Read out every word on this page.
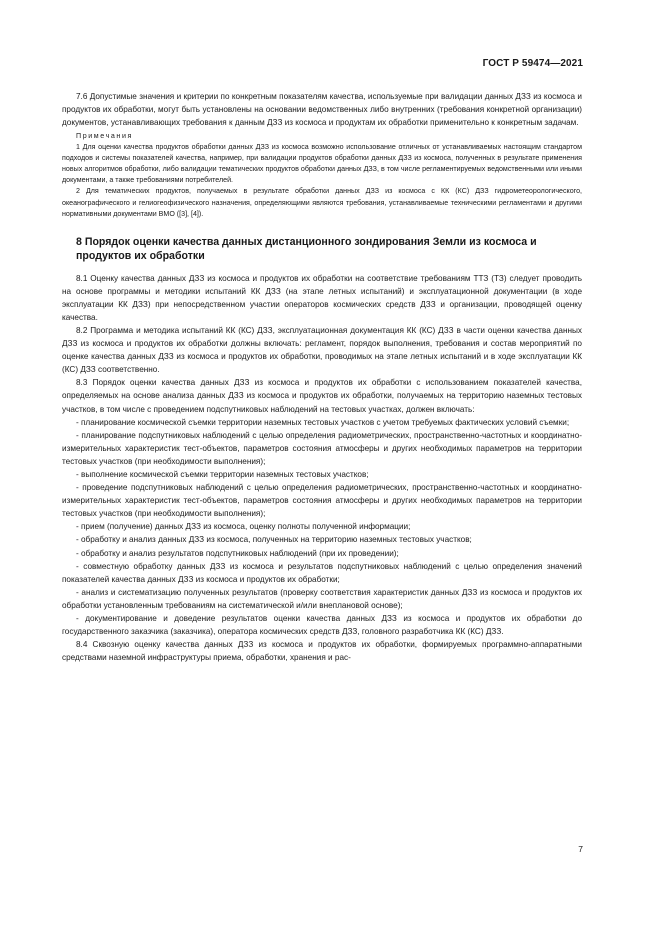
ГОСТ Р 59474—2021

7.6 Допустимые значения и критерии по конкретным показателям качества, используемые при валидации данных ДЗЗ из космоса и продуктов их обработки, могут быть установлены на основании ведомственных либо внутренних (требования конкретной организации) документов, устанавливающих требования к данным ДЗЗ из космоса и продуктам их обработки применительно к конкретным задачам.

Примечания

1 Для оценки качества продуктов обработки данных ДЗЗ из космоса возможно использование отличных от устанавливаемых настоящим стандартом подходов и системы показателей качества, например, при валидации продуктов обработки данных ДЗЗ из космоса, полученных в результате применения новых алгоритмов обработки, либо валидации тематических продуктов обработки данных ДЗЗ, в том числе регламентируемых ведомственными или иными документами, а также требованиями потребителей.

2 Для тематических продуктов, получаемых в результате обработки данных ДЗЗ из космоса с КК (КС) ДЗЗ гидрометеорологического, океанографического и гелиогеофизического назначения, определяющими являются требования, устанавливаемые техническими регламентами и другими нормативными документами ВМО ([3], [4]).

8 Порядок оценки качества данных дистанционного зондирования Земли из космоса и продуктов их обработки

8.1 Оценку качества данных ДЗЗ из космоса и продуктов их обработки на соответствие требованиям ТТЗ (ТЗ) следует проводить на основе программы и методики испытаний КК ДЗЗ (на этапе летных испытаний) и эксплуатационной документации (в ходе эксплуатации КК ДЗЗ) при непосредственном участии операторов космических средств ДЗЗ и организации, проводящей оценку качества.

8.2 Программа и методика испытаний КК (КС) ДЗЗ, эксплуатационная документация КК (КС) ДЗЗ в части оценки качества данных ДЗЗ из космоса и продуктов их обработки должны включать: регламент, порядок выполнения, требования и состав мероприятий по оценке качества данных ДЗЗ из космоса и продуктов их обработки, проводимых на этапе летных испытаний и в ходе эксплуатации КК (КС) ДЗЗ соответственно.

8.3 Порядок оценки качества данных ДЗЗ из космоса и продуктов их обработки с использованием показателей качества, определяемых на основе анализа данных ДЗЗ из космоса и продуктов их обработки, получаемых на территорию наземных тестовых участков, в том числе с проведением подспутниковых наблюдений на тестовых участках, должен включать:

- планирование космической съемки территории наземных тестовых участков с учетом требуемых фактических условий съемки;

- планирование подспутниковых наблюдений с целью определения радиометрических, пространственно-частотных и координатно-измерительных характеристик тест-объектов, параметров состояния атмосферы и других необходимых параметров на территории тестовых участков (при необходимости выполнения);

- выполнение космической съемки территории наземных тестовых участков;

- проведение подспутниковых наблюдений с целью определения радиометрических, пространственно-частотных и координатно-измерительных характеристик тест-объектов, параметров состояния атмосферы и других необходимых параметров на территории тестовых участков (при необходимости выполнения);

- прием (получение) данных ДЗЗ из космоса, оценку полноты полученной информации;

- обработку и анализ данных ДЗЗ из космоса, полученных на территорию наземных тестовых участков;

- обработку и анализ результатов подспутниковых наблюдений (при их проведении);

- совместную обработку данных ДЗЗ из космоса и результатов подспутниковых наблюдений с целью определения значений показателей качества данных ДЗЗ из космоса и продуктов их обработки;

- анализ и систематизацию полученных результатов (проверку соответствия характеристик данных ДЗЗ из космоса и продуктов их обработки установленным требованиям на систематической и/или внеплановой основе);

- документирование и доведение результатов оценки качества данных ДЗЗ из космоса и продуктов их обработки до государственного заказчика (заказчика), оператора космических средств ДЗЗ, головного разработчика КК (КС) ДЗЗ.

8.4 Сквозную оценку качества данных ДЗЗ из космоса и продуктов их обработки, формируемых программно-аппаратными средствами наземной инфраструктуры приема, обработки, хранения и рас-

7
